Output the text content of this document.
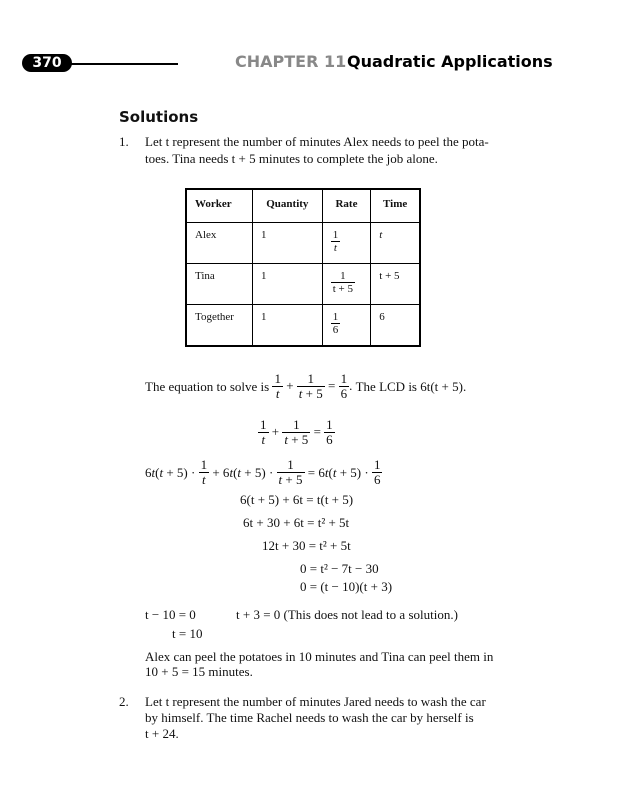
370	CHAPTER 11 Quadratic Applications
Solutions
1. Let t represent the number of minutes Alex needs to peel the pota-
toes. Tina needs t + 5 minutes to complete the job alone.
Worker	Quantity	Rate	Time
Alex	1	$\frac{1}{t}$	t
Tina	1	$\frac{1}{t + 5}$	t + 5
Together	1	$\frac{1}{6}$	6
The equation to solve is $\frac{1}{t} + \frac{1}{t + 5} = \frac{1}{6}$ . The LCD is 6t(t + 5).
$\frac{1}{t} + \frac{1}{t + 5} = \frac{1}{6}$
$6t(t + 5) \cdot \frac{1}{t} + 6t(t + 5) \cdot \frac{1}{t + 5} = 6t(t + 5) \cdot \frac{1}{6}$
6(t + 5) + 6t = t(t + 5)
6t + 30 + 6t = t² + 5t
12t + 30 = t² + 5t
0 = t² − 7t − 30
0 = (t − 10)(t + 3)
t − 10 = 0	t + 3 = 0 (This does not lead to a solution.)
t = 10
Alex can peel the potatoes in 10 minutes and Tina can peel them in
10 + 5 = 15 minutes.
2. Let t represent the number of minutes Jared needs to wash the car
by himself. The time Rachel needs to wash the car by herself is
t + 24.
